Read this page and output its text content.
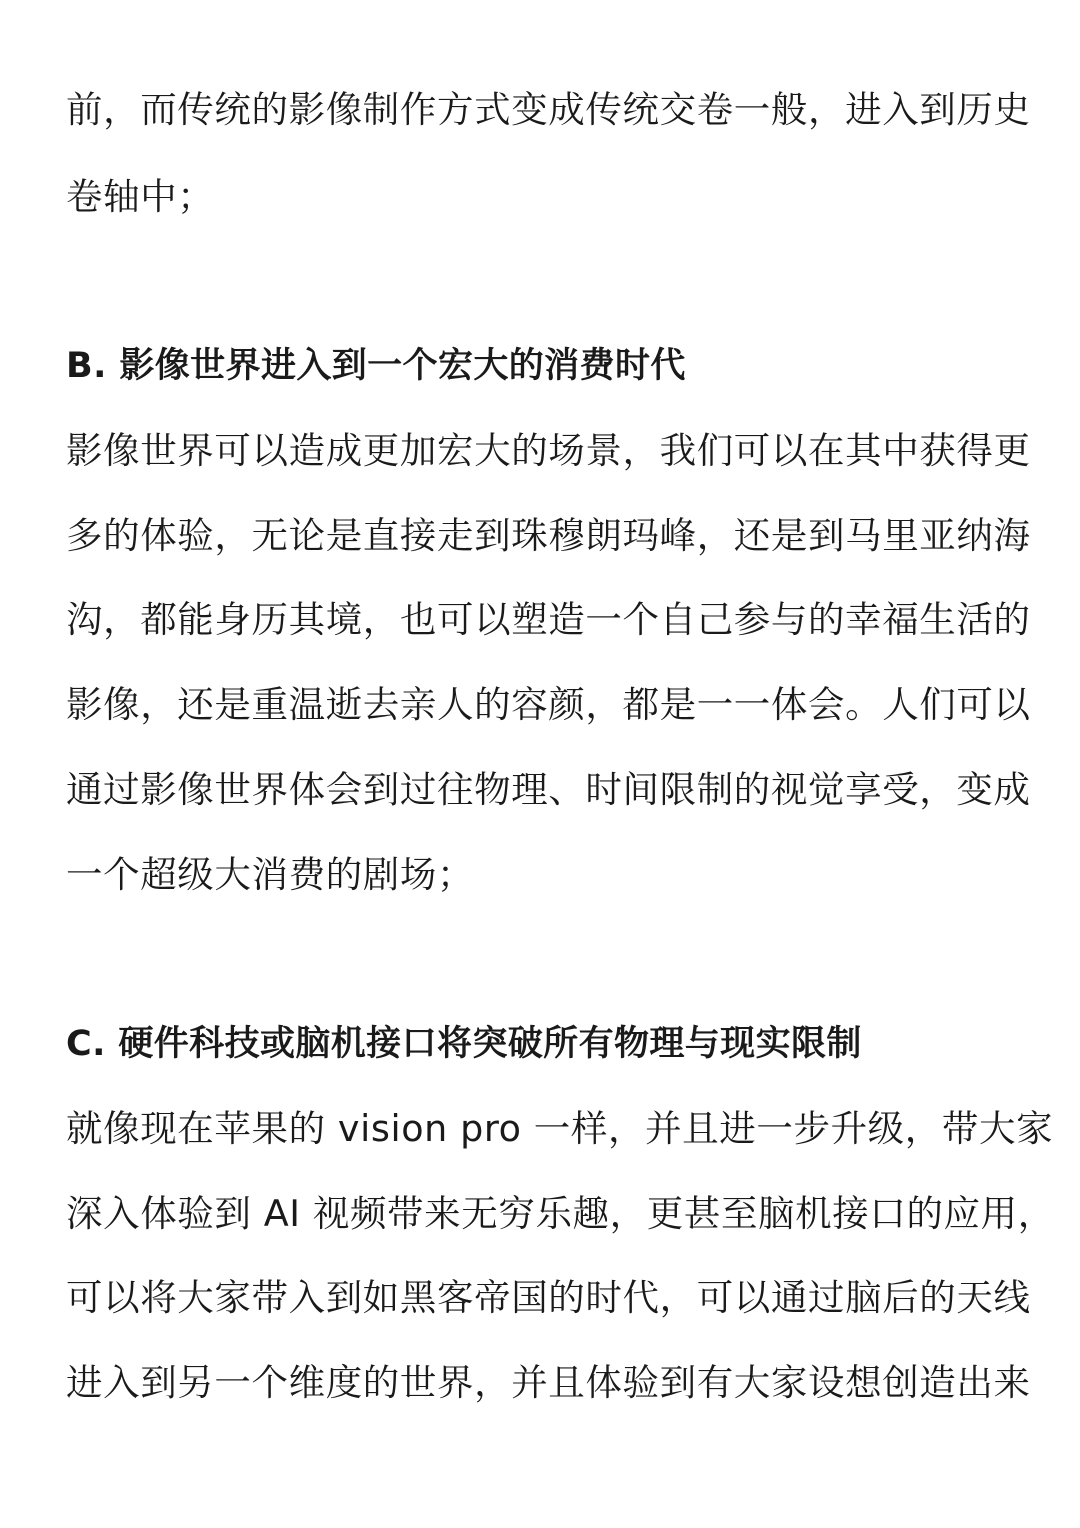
前，而传统的影像制作方式变成传统交卷一般，进入到历史
卷轴中；
B. 影像世界进入到一个宏大的消费时代
影像世界可以造成更加宏大的场景，我们可以在其中获得更
多的体验，无论是直接走到珠穆朗玛峰，还是到马里亚纳海
沟，都能身历其境，也可以塑造一个自己参与的幸福生活的
影像，还是重温逝去亲人的容颜，都是一一体会。人们可以
通过影像世界体会到过往物理、时间限制的视觉享受，变成
一个超级大消费的剧场；
C. 硬件科技或脑机接口将突破所有物理与现实限制
就像现在苹果的 vision pro 一样，并且进一步升级，带大家
深入体验到 AI 视频带来无穷乐趣，更甚至脑机接口的应用，
可以将大家带入到如黑客帝国的时代，可以通过脑后的天线
进入到另一个维度的世界，并且体验到有大家设想创造出来
